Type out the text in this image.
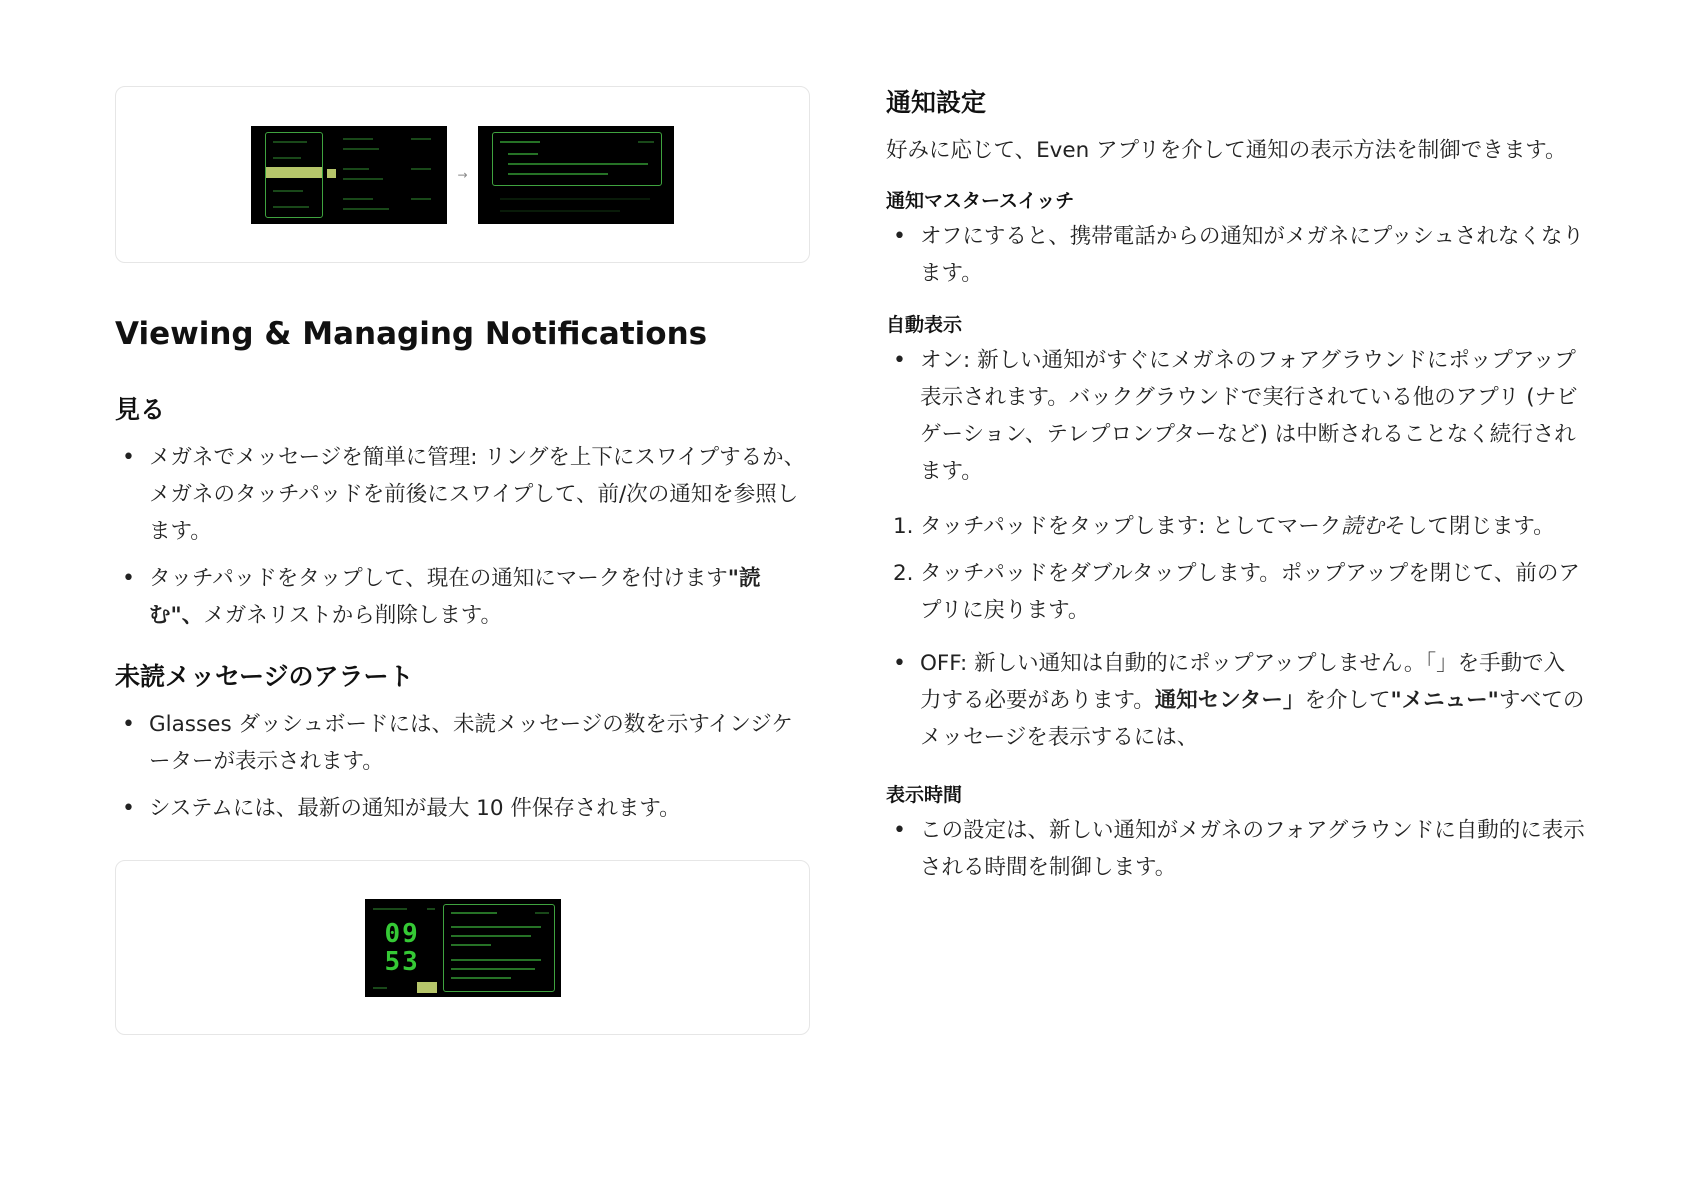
→
Viewing & Managing Notifications
見る
• メガネでメッセージを簡単に管理: リングを上下にスワイプするか、メガネのタッチパッドを前後にスワイプして、前/次の通知を参照します。
• タッチパッドをタップして、現在の通知にマークを付けます"読む"、メガネリストから削除します。
未読メッセージのアラート
• Glasses ダッシュボードには、未読メッセージの数を示すインジケーターが表示されます。
• システムには、最新の通知が最大 10 件保存されます。
09
53
通知設定
好みに応じて、Even アプリを介して通知の表示方法を制御できます。
通知マスタースイッチ
• オフにすると、携帯電話からの通知がメガネにプッシュされなくなります。
自動表示
• オン: 新しい通知がすぐにメガネのフォアグラウンドにポップアップ表示されます。バックグラウンドで実行されている他のアプリ (ナビゲーション、テレプロンプターなど) は中断されることなく続行されます。
1. タッチパッドをタップします: としてマーク読むそして閉じます。
2. タッチパッドをダブルタップします。ポップアップを閉じて、前のアプリに戻ります。
• OFF: 新しい通知は自動的にポップアップしません。「」を手動で入力する必要があります。通知センター」を介して"メニュー"すべてのメッセージを表示するには、
表示時間
• この設定は、新しい通知がメガネのフォアグラウンドに自動的に表示される時間を制御します。
